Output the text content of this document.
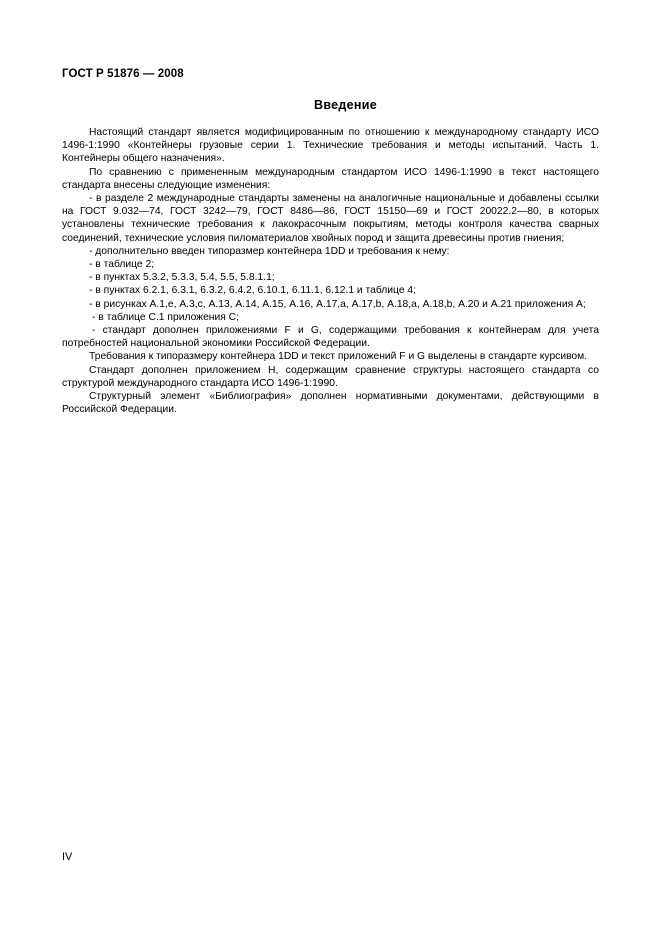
ГОСТ Р 51876 — 2008
Введение

Настоящий стандарт является модифицированным по отношению к международному стандарту ИСО 1496-1:1990 «Контейнеры грузовые серии 1. Технические требования и методы испытаний. Часть 1. Контейнеры общего назначения».

По сравнению с примененным международным стандартом ИСО 1496-1:1990 в текст настоящего стандарта внесены следующие изменения:

- в разделе 2 международные стандарты заменены на аналогичные национальные и добавлены ссылки на ГОСТ 9.032—74, ГОСТ 3242—79, ГОСТ 8486—86, ГОСТ 15150—69 и ГОСТ 20022.2—80, в которых установлены технические требования к лакокрасочным покрытиям, методы контроля качества сварных соединений, технические условия пиломатериалов хвойных пород и защита древесины против гниения;

- дополнительно введен типоразмер контейнера 1DD и требования к нему:

- в таблице 2;

- в пунктах 5.3.2, 5.3.3, 5.4, 5.5, 5.8.1.1;

- в пунктах 6.2.1, 6.3.1, 6.3.2, 6.4.2, 6.10.1, 6.11.1, 6.12.1 и таблице 4;

- в рисунках А.1,е, А.3,с, А.13, А.14, А.15, А.16, А.17,а, А.17,b, А.18,а, А.18,b, А.20 и А.21 приложения А;

- в таблице С.1 приложения С;

- стандарт дополнен приложениями F и G, содержащими требования к контейнерам для учета потребностей национальной экономики Российской Федерации.

Требования к типоразмеру контейнера 1DD и текст приложений F и G выделены в стандарте курсивом.

Стандарт дополнен приложением Н, содержащим сравнение структуры настоящего стандарта со структурой международного стандарта ИСО 1496-1:1990.

Структурный элемент «Библиография» дополнен нормативными документами, действующими в Российской Федерации.

IV
